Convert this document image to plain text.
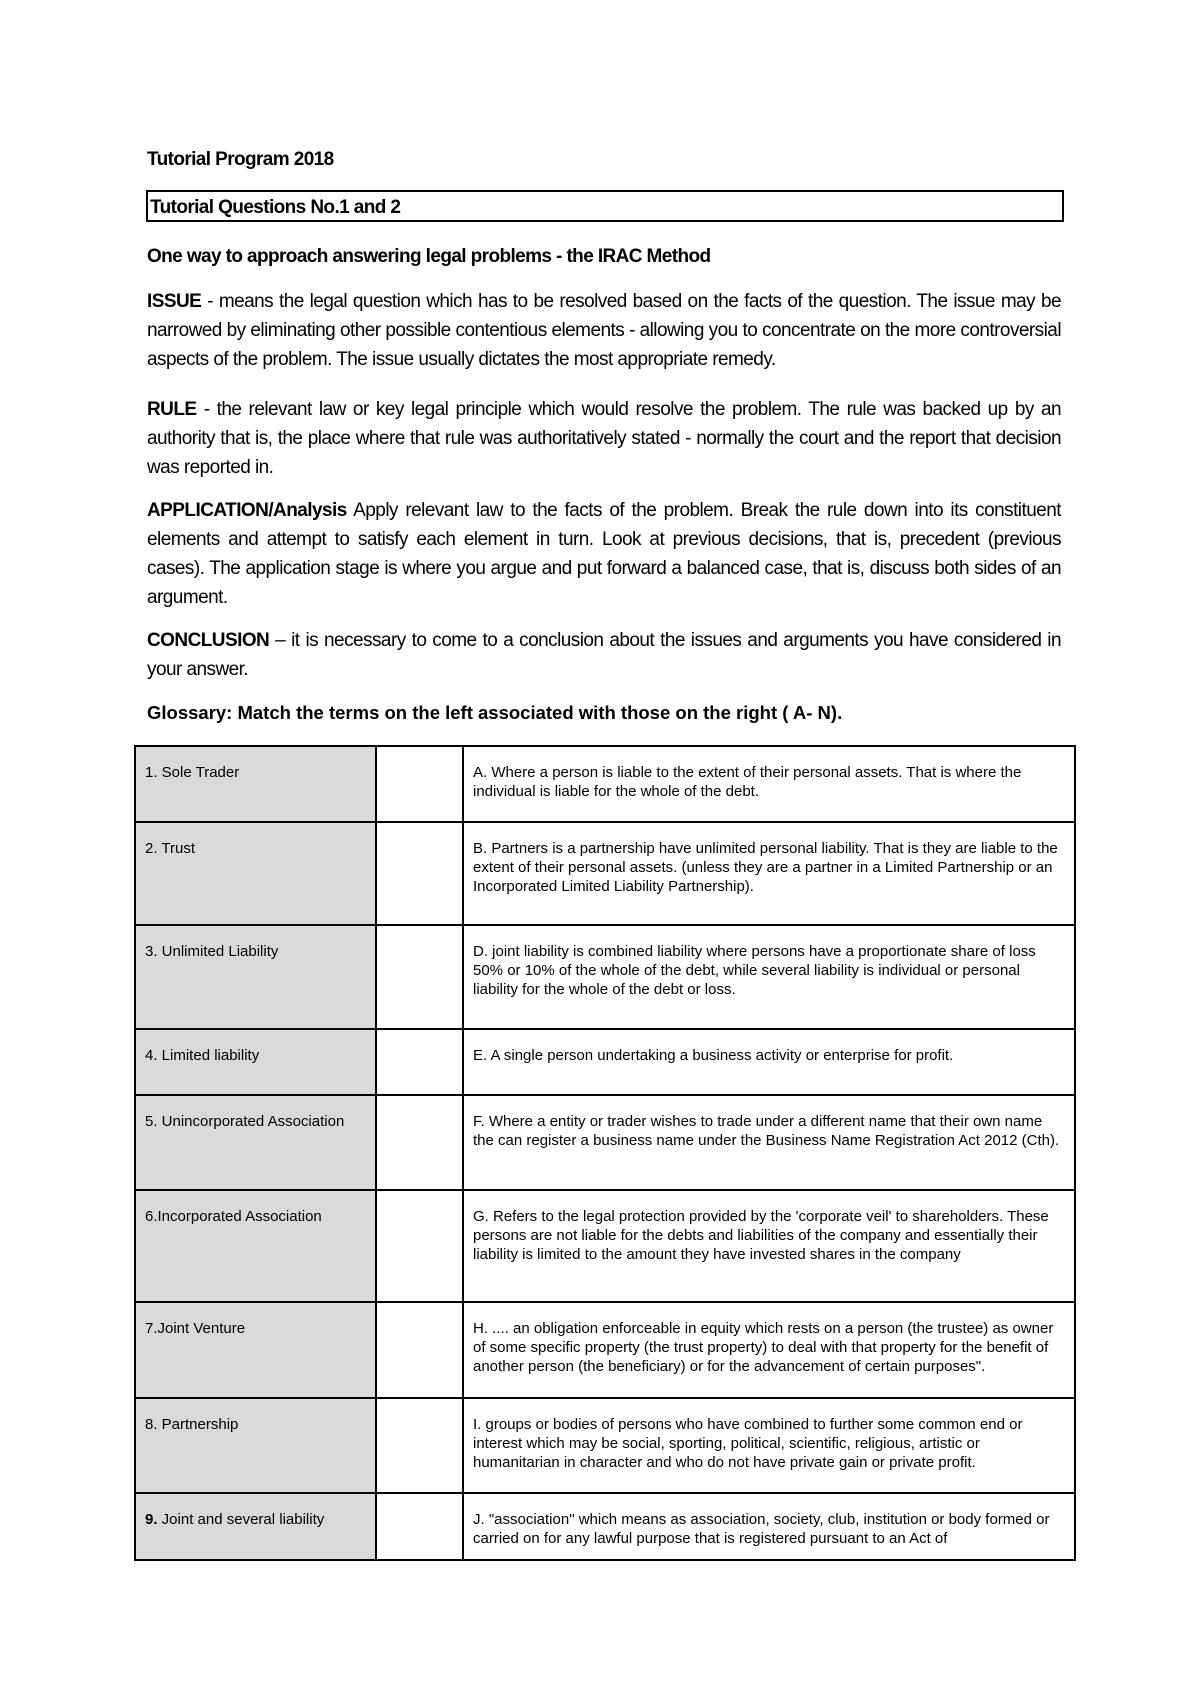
Tutorial Program 2018
Tutorial Questions No.1 and 2
One way to approach answering legal problems - the IRAC Method
ISSUE - means the legal question which has to be resolved based on the facts of the question. The issue may be narrowed by eliminating other possible contentious elements - allowing you to concentrate on the more controversial aspects of the problem. The issue usually dictates the most appropriate remedy.
RULE - the relevant law or key legal principle which would resolve the problem. The rule was backed up by an authority that is, the place where that rule was authoritatively stated - normally the court and the report that decision was reported in.
APPLICATION/Analysis Apply relevant law to the facts of the problem. Break the rule down into its constituent elements and attempt to satisfy each element in turn. Look at previous decisions, that is, precedent (previous cases). The application stage is where you argue and put forward a balanced case, that is, discuss both sides of an argument.
CONCLUSION – it is necessary to come to a conclusion about the issues and arguments you have considered in your answer.
Glossary: Match the terms on the left associated with those on the right ( A- N).
1. Sole Trader		A. Where a person is liable to the extent of their personal assets. That is where the individual is liable for the whole of the debt.
2. Trust		B. Partners is a partnership have unlimited personal liability. That is they are liable to the extent of their personal assets. (unless they are a partner in a Limited Partnership or an Incorporated Limited Liability Partnership).
3. Unlimited Liability		D. joint liability is combined liability where persons have a proportionate share of loss 50% or 10% of the whole of the debt, while several liability is individual or personal liability for the whole of the debt or loss.
4. Limited liability		E. A single person undertaking a business activity or enterprise for profit.
5. Unincorporated Association		F. Where a entity or trader wishes to trade under a different name that their own name the can register a business name under the Business Name Registration Act 2012 (Cth).
6.Incorporated Association		G. Refers to the legal protection provided by the 'corporate veil' to shareholders. These persons are not liable for the debts and liabilities of the company and essentially their liability is limited to the amount they have invested shares in the company
7.Joint Venture		H. .... an obligation enforceable in equity which rests on a person (the trustee) as owner of some specific property (the trust property) to deal with that property for the benefit of another person (the beneficiary) or for the advancement of certain purposes".
8. Partnership		I. groups or bodies of persons who have combined to further some common end or interest which may be social, sporting, political, scientific, religious, artistic or humanitarian in character and who do not have private gain or private profit.
9. Joint and several liability		J. "association" which means as association, society, club, institution or body formed or carried on for any lawful purpose that is registered pursuant to an Act of
